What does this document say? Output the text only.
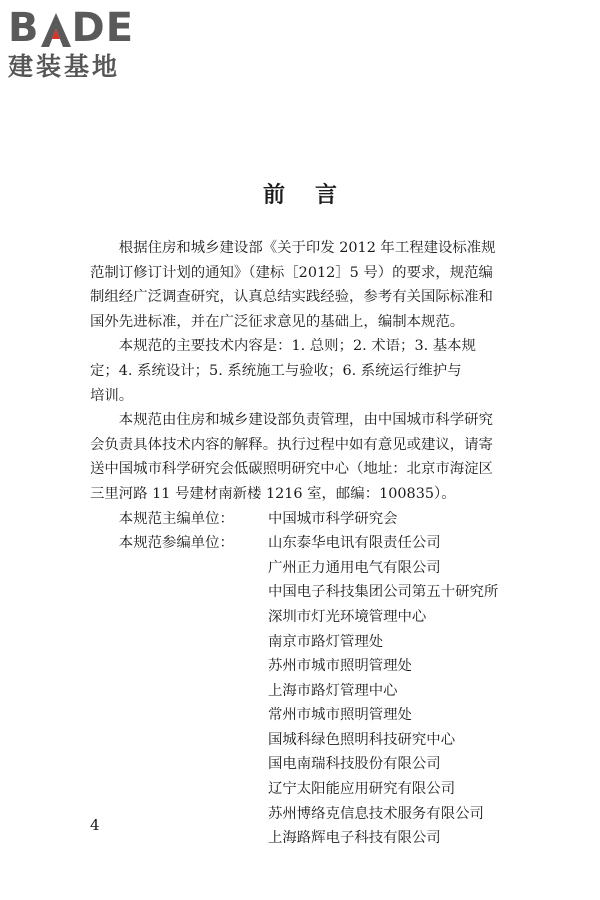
B DE
建装基地
前言

根据住房和城乡建设部《关于印发 2012 年工程建设标准规
范制订修订计划的通知》（建标［2012］5 号）的要求，规范编
制组经广泛调查研究，认真总结实践经验，参考有关国际标准和
国外先进标准，并在广泛征求意见的基础上，编制本规范。

本规范的主要技术内容是：1. 总则；2. 术语；3. 基本规
定；4. 系统设计；5. 系统施工与验收；6. 系统运行维护与
培训。

本规范由住房和城乡建设部负责管理，由中国城市科学研究
会负责具体技术内容的解释。执行过程中如有意见或建议，请寄
送中国城市科学研究会低碳照明研究中心（地址：北京市海淀区
三里河路 11 号建材南新楼 1216 室，邮编：100835）。

本规范主编单位：	中国城市科学研究会
本规范参编单位：	山东泰华电讯有限责任公司
广州正力通用电气有限公司
中国电子科技集团公司第五十研究所
深圳市灯光环境管理中心
南京市路灯管理处
苏州市城市照明管理处
上海市路灯管理中心
常州市城市照明管理处
国城科绿色照明科技研究中心
国电南瑞科技股份有限公司
辽宁太阳能应用研究有限公司
苏州博络克信息技术服务有限公司
上海路辉电子科技有限公司
4
